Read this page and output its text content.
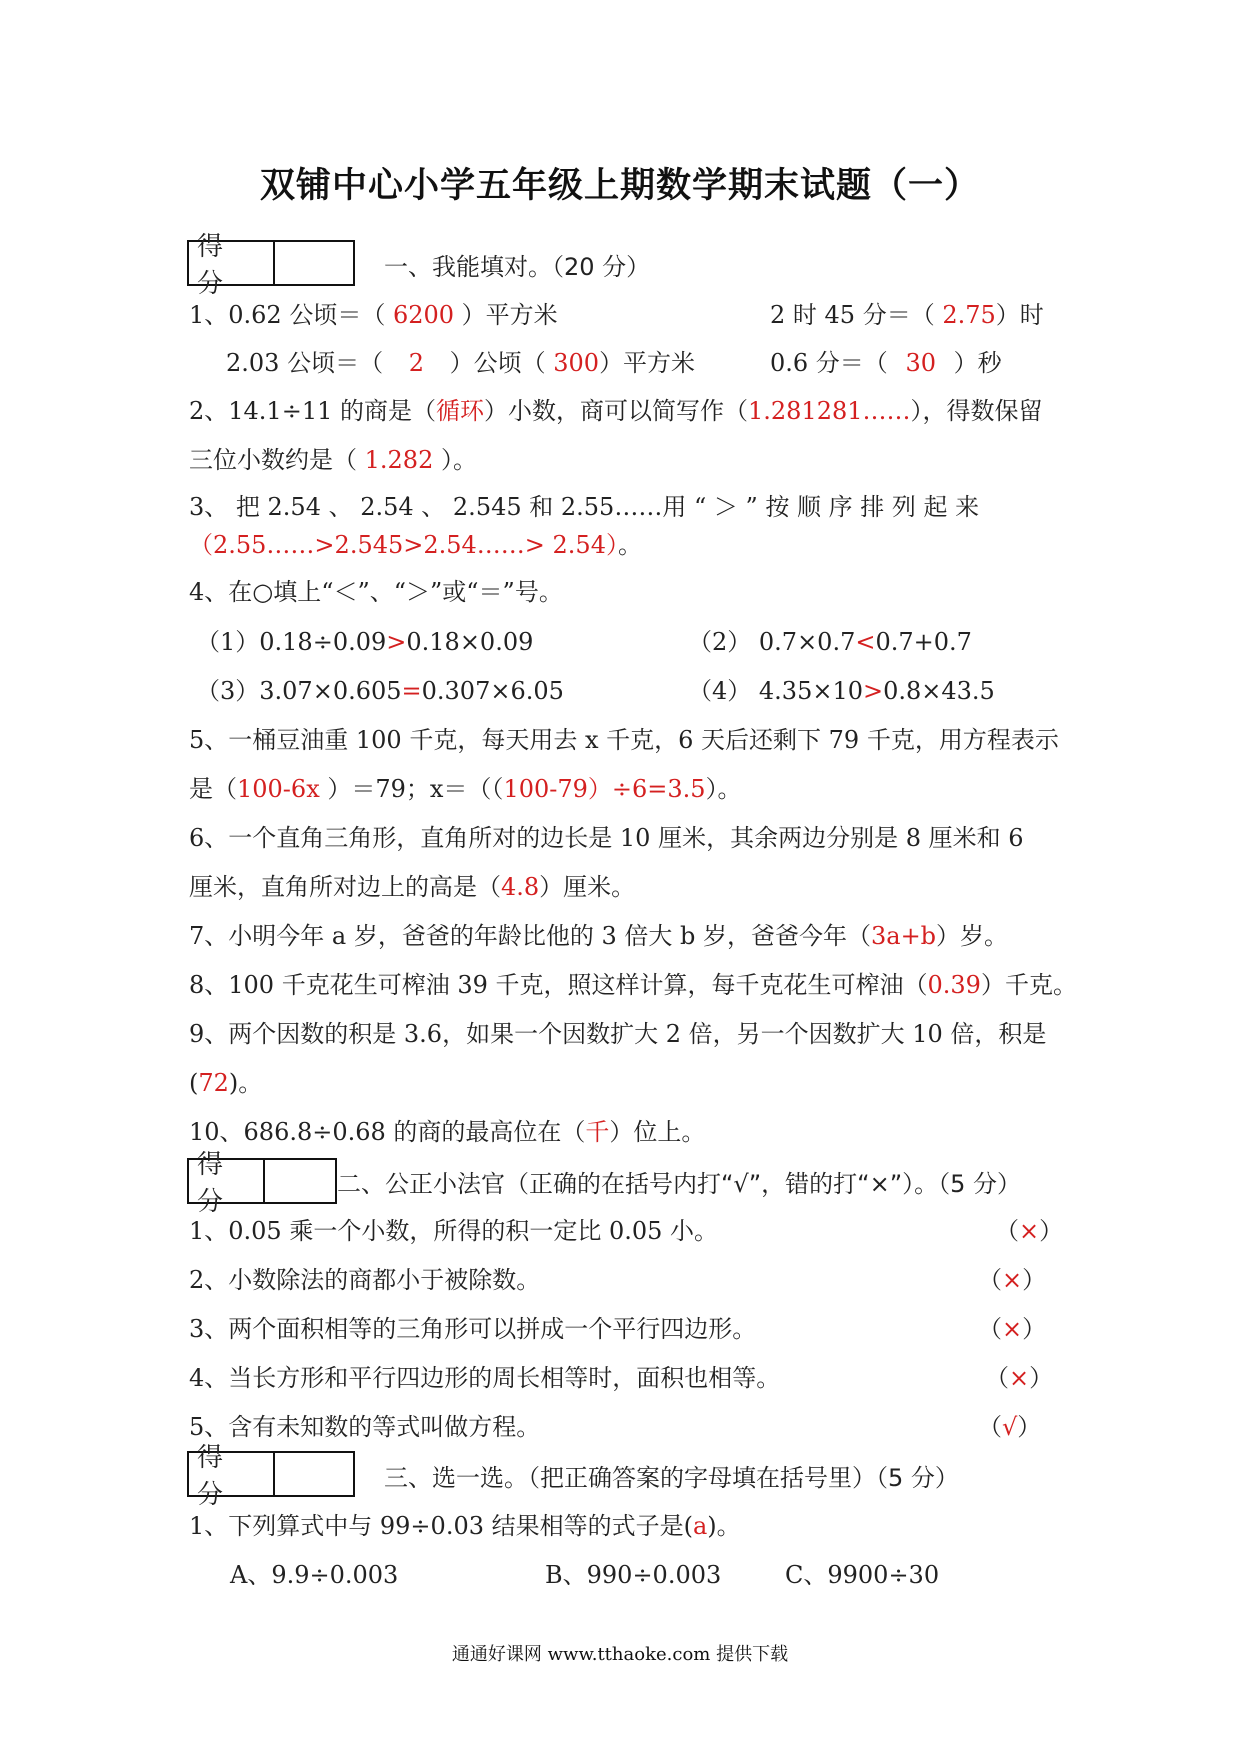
双铺中心小学五年级上期数学期末试题（一）
得 分
一、我能填对。（20 分）
1、0.62 公顷＝（ 6200 ）平方米	2 时 45 分＝（ 2.75）时
2.03 公顷＝（ 2 ）公顷（ 300）平方米	0.6 分＝（ 30 ）秒
2、14.1÷11 的商是（循环）小数，商可以简写作（1.281281……），得数保留
三位小数约是（ 1.282 ）。
3、 把 2.54 、 2.54̇ 、 2.545 和 2.55……用 “ ＞ ” 按 顺 序 排 列 起 来
（2.55……>2.545>2.54……> 2.54）。
4、在○填上“＜”、“＞”或“＝”号。
（1）0.18÷0.09>0.18×0.09	（2） 0.7×0.7<0.7+0.7
（3）3.07×0.605=0.307×6.05	（4） 4.35×10>0.8×43.5
5、一桶豆油重 100 千克，每天用去 x 千克，6 天后还剩下 79 千克，用方程表示
是（100-6x ）＝79；x＝（（100-79）÷6=3.5）。
6、一个直角三角形，直角所对的边长是 10 厘米，其余两边分别是 8 厘米和 6
厘米，直角所对边上的高是（4.8）厘米。
7、小明今年 a 岁，爸爸的年龄比他的 3 倍大 b 岁，爸爸今年（3a+b）岁。
8、100 千克花生可榨油 39 千克，照这样计算，每千克花生可榨油（0.39）千克。
9、两个因数的积是 3.6，如果一个因数扩大 2 倍，另一个因数扩大 10 倍，积是
(72)。
10、686.8÷0.68 的商的最高位在（千）位上。
得 分
二、公正小法官（正确的在括号内打“√”，错的打“×”）。（5 分）
1、0.05 乘一个小数，所得的积一定比 0.05 小。	（×）
2、小数除法的商都小于被除数。	（×）
3、两个面积相等的三角形可以拼成一个平行四边形。	（×）
4、当长方形和平行四边形的周长相等时，面积也相等。	（×）
5、含有未知数的等式叫做方程。	（√）
得 分
三、选一选。（把正确答案的字母填在括号里）（5 分）
1、下列算式中与 99÷0.03 结果相等的式子是(a)。
A、9.9÷0.003	B、990÷0.003	C、9900÷30
通通好课网 www.tthaoke.com 提供下载
